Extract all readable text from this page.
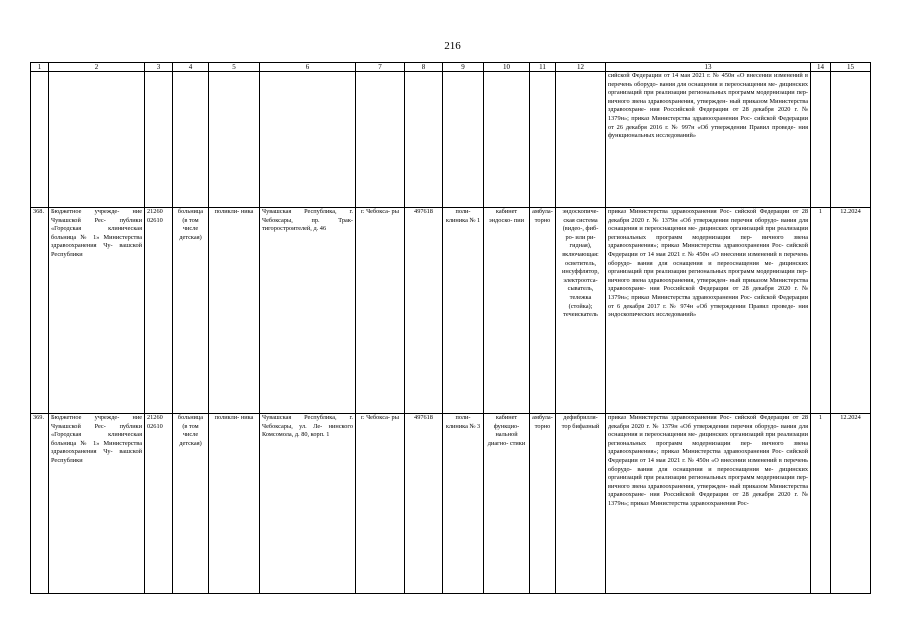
216
1	2	3	4	5	6	7	8	9	10	11	12	13	14	15
												сийской Федерации от 14 мая 2021 г. № 450н «О внесении изменений в перечень оборудо- вания для оснащения и переоснащения ме- дицинских организаций при реализации региональных программ модернизации пер- вичного звена здравоохранения, утвержден- ный приказом Министерства здравоохране- ния Российской Федерации от 28 декабря 2020 г. № 1379н»; приказ Министерства здравоохранения Рос- сийской Федерации от 26 декабря 2016 г. № 997н «Об утверждении Правил проведе- ния функциональных исследований»		
368.	Бюджетное учрежде- ние Чувашской Рес- публики «Городская клиническая больница № 1» Министерства здравоохранения Чу- вашской Республики	21260 02610	больница (в том числе детская)	поликли- ника	Чувашская Республика, г. Чебоксары, пр. Трак- тигоростроителей, д. 46	г. Чебокса- ры	497618	поли- клиника № 1	кабинет эндоско- пии	амбула- торно	эндоскопиче- ская система (видео-, фиб- ро- или ри- гидная), включающая: осветитель, инсуффлятор, электроотса- сыватель, тележка (стойка); течеискатель	приказ Министерства здравоохранения Рос- сийской Федерации от 28 декабря 2020 г. № 1379н «Об утверждении перечня оборудо- вания для оснащения и переоснащения ме- дицинских организаций при реализации региональных программ модернизации пер- вичного звена здравоохранения»; приказ Министерства здравоохранения Рос- сийской Федерации от 14 мая 2021 г. № 450н «О внесении изменений в перечень оборудо- вания для оснащения и переоснащения ме- дицинских организаций при реализации региональных программ модернизации пер- вичного звена здравоохранения, утвержден- ный приказом Министерства здравоохране- ния Российской Федерации от 28 декабря 2020 г. № 1379н»; приказ Министерства здравоохранения Рос- сийской Федерации от 6 декабря 2017 г. № 974н «Об утверждении Правил проведе- ния эндоскопических исследований»	1	12.2024
369.	Бюджетное учрежде- ние Чувашской Рес- публики «Городская клиническая больница № 1» Министерства здравоохранения Чу- вашской Республики	21260 02610	больница (в том числе детская)	поликли- ника	Чувашская Республика, г. Чебоксары, ул. Ле- нинского Комсомола, д. 80, корп. 1	г. Чебокса- ры	497618	поли- клиника № 3	кабинет функцио- нальной диагно- стики	амбула- торно	дефибрилля- тор бифазный	приказ Министерства здравоохранения Рос- сийской Федерации от 28 декабря 2020 г. № 1379н «Об утверждении перечня оборудо- вания для оснащения и переоснащения ме- дицинских организаций при реализации региональных программ модернизации пер- вичного звена здравоохранения»; приказ Министерства здравоохранения Рос- сийской Федерации от 14 мая 2021 г. № 450н «О внесении изменений в перечень оборудо- вания для оснащения и переоснащения ме- дицинских организаций при реализации региональных программ модернизации пер- вичного звена здравоохранения, утвержден- ный приказом Министерства здравоохране- ния Российской Федерации от 28 декабря 2020 г. № 1379н»; приказ Министерства здравоохранения Рос-	1	12.2024
